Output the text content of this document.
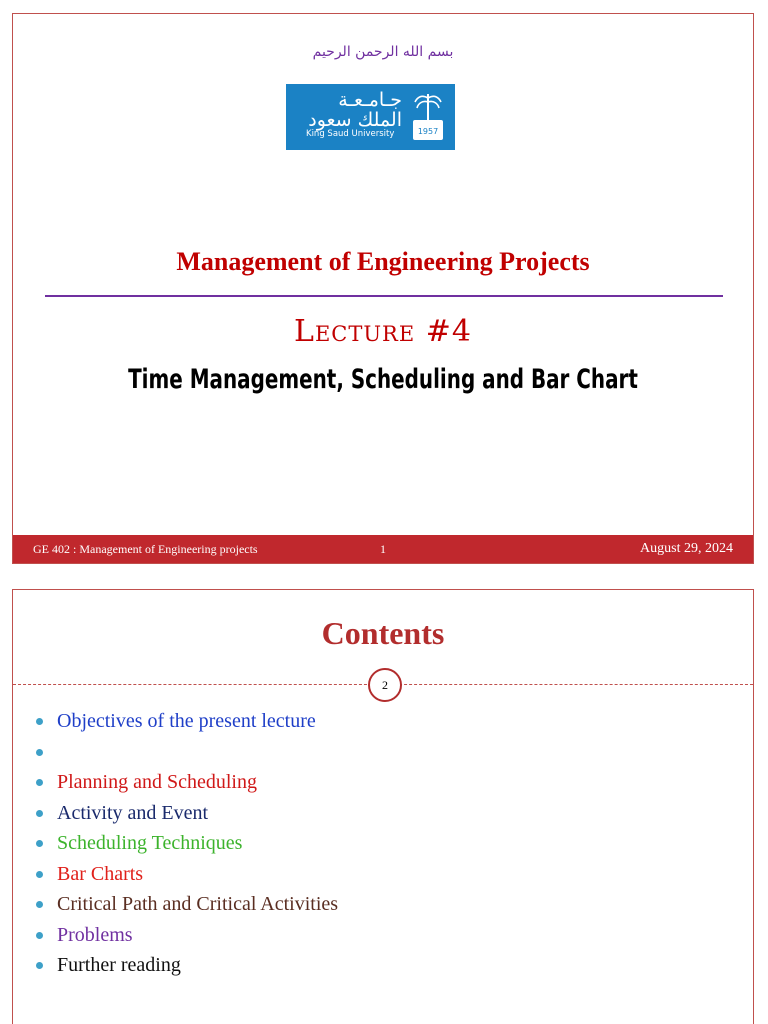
بسم الله الرحمن الرحيم
جـامـعـة
الملك سعود
King Saud University	1957
Management of Engineering Projects
Lecture #4
Time Management, Scheduling and Bar Chart
GE 402 : Management of Engineering projects	1	August 29, 2024
Contents
2
Objectives of the present lecture
Planning and Scheduling
Activity and Event
Scheduling Techniques
Bar Charts
Critical Path and Critical Activities
Problems
Further reading
